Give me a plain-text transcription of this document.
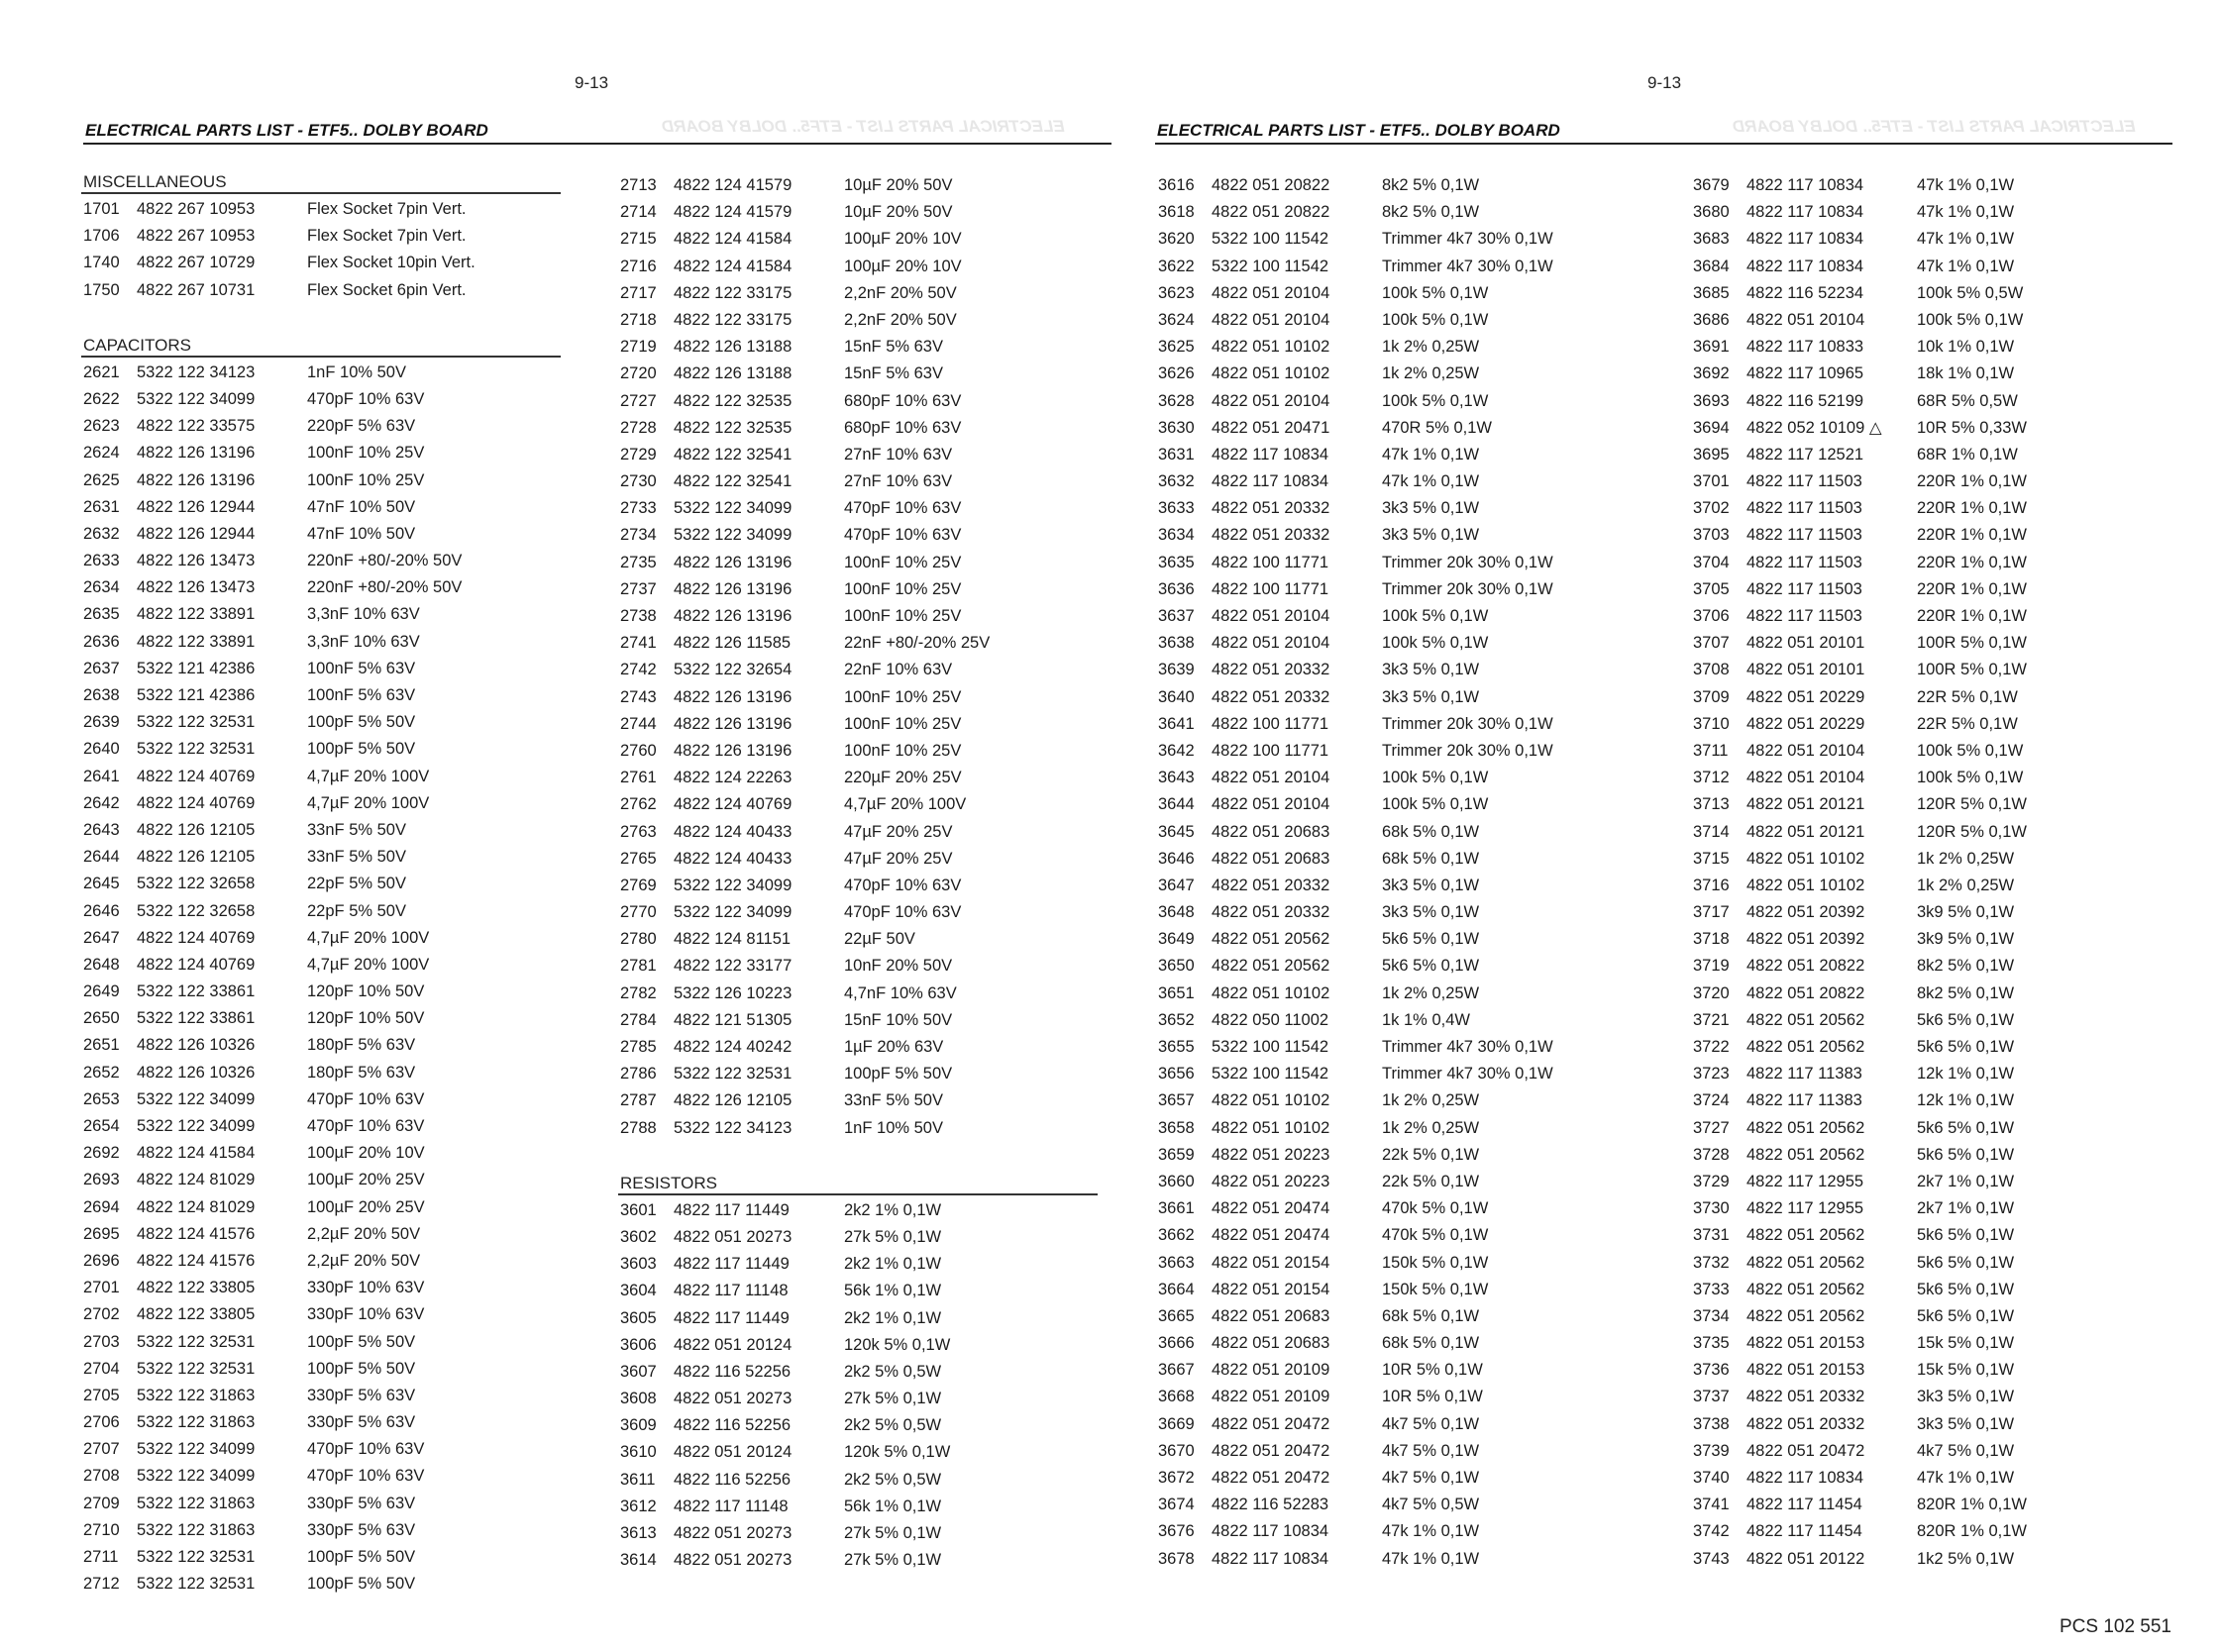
9-13
ELECTRICAL PARTS LIST - ETF5.. DOLBY BOARD	ELECTRICAL PARTS LIST - ETF5.. DOLBY BOARD
MISCELLANEOUS
1701 4822 267 10953	Flex Socket 7pin Vert.
1706 4822 267 10953	Flex Socket 7pin Vert.
1740 4822 267 10729	Flex Socket 10pin Vert.
1750 4822 267 10731	Flex Socket 6pin Vert.
CAPACITORS
2621 5322 122 34123	1nF 10% 50V
2622 5322 122 34099	470pF 10% 63V
2623 4822 122 33575	220pF 5% 63V
2624 4822 126 13196	100nF 10% 25V
2625 4822 126 13196	100nF 10% 25V
2631 4822 126 12944	47nF 10% 50V
2632 4822 126 12944	47nF 10% 50V
2633 4822 126 13473	220nF +80/-20% 50V
2634 4822 126 13473	220nF +80/-20% 50V
2635 4822 122 33891	3,3nF 10% 63V
2636 4822 122 33891	3,3nF 10% 63V
2637 5322 121 42386	100nF 5% 63V
2638 5322 121 42386	100nF 5% 63V
2639 5322 122 32531	100pF 5% 50V
2640 5322 122 32531	100pF 5% 50V
2641 4822 124 40769	4,7µF 20% 100V
2642 4822 124 40769	4,7µF 20% 100V
2643 4822 126 12105	33nF 5% 50V
2644 4822 126 12105	33nF 5% 50V
2645 5322 122 32658	22pF 5% 50V
2646 5322 122 32658	22pF 5% 50V
2647 4822 124 40769	4,7µF 20% 100V
2648 4822 124 40769	4,7µF 20% 100V
2649 5322 122 33861	120pF 10% 50V
2650 5322 122 33861	120pF 10% 50V
2651 4822 126 10326	180pF 5% 63V
2652 4822 126 10326	180pF 5% 63V
2653 5322 122 34099	470pF 10% 63V
2654 5322 122 34099	470pF 10% 63V
2692 4822 124 41584	100µF 20% 10V
2693 4822 124 81029	100µF 20% 25V
2694 4822 124 81029	100µF 20% 25V
2695 4822 124 41576	2,2µF 20% 50V
2696 4822 124 41576	2,2µF 20% 50V
2701 4822 122 33805	330pF 10% 63V
2702 4822 122 33805	330pF 10% 63V
2703 5322 122 32531	100pF 5% 50V
2704 5322 122 32531	100pF 5% 50V
2705 5322 122 31863	330pF 5% 63V
2706 5322 122 31863	330pF 5% 63V
2707 5322 122 34099	470pF 10% 63V
2708 5322 122 34099	470pF 10% 63V
2709 5322 122 31863	330pF 5% 63V
2710 5322 122 31863	330pF 5% 63V
2711 5322 122 32531	100pF 5% 50V
2712 5322 122 32531	100pF 5% 50V
2713 4822 124 41579	10µF 20% 50V
2714 4822 124 41579	10µF 20% 50V
2715 4822 124 41584	100µF 20% 10V
2716 4822 124 41584	100µF 20% 10V
2717 4822 122 33175	2,2nF 20% 50V
2718 4822 122 33175	2,2nF 20% 50V
2719 4822 126 13188	15nF 5% 63V
2720 4822 126 13188	15nF 5% 63V
2727 4822 122 32535	680pF 10% 63V
2728 4822 122 32535	680pF 10% 63V
2729 4822 122 32541	27nF 10% 63V
2730 4822 122 32541	27nF 10% 63V
2733 5322 122 34099	470pF 10% 63V
2734 5322 122 34099	470pF 10% 63V
2735 4822 126 13196	100nF 10% 25V
2737 4822 126 13196	100nF 10% 25V
2738 4822 126 13196	100nF 10% 25V
2741 4822 126 11585	22nF +80/-20% 25V
2742 5322 122 32654	22nF 10% 63V
2743 4822 126 13196	100nF 10% 25V
2744 4822 126 13196	100nF 10% 25V
2760 4822 126 13196	100nF 10% 25V
2761 4822 124 22263	220µF 20% 25V
2762 4822 124 40769	4,7µF 20% 100V
2763 4822 124 40433	47µF 20% 25V
2765 4822 124 40433	47µF 20% 25V
2769 5322 122 34099	470pF 10% 63V
2770 5322 122 34099	470pF 10% 63V
2780 4822 124 81151	22µF 50V
2781 4822 122 33177	10nF 20% 50V
2782 5322 126 10223	4,7nF 10% 63V
2784 4822 121 51305	15nF 10% 50V
2785 4822 124 40242	1µF 20% 63V
2786 5322 122 32531	100pF 5% 50V
2787 4822 126 12105	33nF 5% 50V
2788 5322 122 34123	1nF 10% 50V
RESISTORS
3601 4822 117 11449	2k2 1% 0,1W
3602 4822 051 20273	27k 5% 0,1W
3603 4822 117 11449	2k2 1% 0,1W
3604 4822 117 11148	56k 1% 0,1W
3605 4822 117 11449	2k2 1% 0,1W
3606 4822 051 20124	120k 5% 0,1W
3607 4822 116 52256	2k2 5% 0,5W
3608 4822 051 20273	27k 5% 0,1W
3609 4822 116 52256	2k2 5% 0,5W
3610 4822 051 20124	120k 5% 0,1W
3611 4822 116 52256	2k2 5% 0,5W
3612 4822 117 11148	56k 1% 0,1W
3613 4822 051 20273	27k 5% 0,1W
3614 4822 051 20273	27k 5% 0,1W
9-13
ELECTRICAL PARTS LIST - ETF5.. DOLBY BOARD	ELECTRICAL PARTS LIST - ETF5.. DOLBY BOARD
3616 4822 051 20822	8k2 5% 0,1W
3618 4822 051 20822	8k2 5% 0,1W
3620 5322 100 11542	Trimmer 4k7 30% 0,1W
3622 5322 100 11542	Trimmer 4k7 30% 0,1W
3623 4822 051 20104	100k 5% 0,1W
3624 4822 051 20104	100k 5% 0,1W
3625 4822 051 10102	1k 2% 0,25W
3626 4822 051 10102	1k 2% 0,25W
3628 4822 051 20104	100k 5% 0,1W
3630 4822 051 20471	470R 5% 0,1W
3631 4822 117 10834	47k 1% 0,1W
3632 4822 117 10834	47k 1% 0,1W
3633 4822 051 20332	3k3 5% 0,1W
3634 4822 051 20332	3k3 5% 0,1W
3635 4822 100 11771	Trimmer 20k 30% 0,1W
3636 4822 100 11771	Trimmer 20k 30% 0,1W
3637 4822 051 20104	100k 5% 0,1W
3638 4822 051 20104	100k 5% 0,1W
3639 4822 051 20332	3k3 5% 0,1W
3640 4822 051 20332	3k3 5% 0,1W
3641 4822 100 11771	Trimmer 20k 30% 0,1W
3642 4822 100 11771	Trimmer 20k 30% 0,1W
3643 4822 051 20104	100k 5% 0,1W
3644 4822 051 20104	100k 5% 0,1W
3645 4822 051 20683	68k 5% 0,1W
3646 4822 051 20683	68k 5% 0,1W
3647 4822 051 20332	3k3 5% 0,1W
3648 4822 051 20332	3k3 5% 0,1W
3649 4822 051 20562	5k6 5% 0,1W
3650 4822 051 20562	5k6 5% 0,1W
3651 4822 051 10102	1k 2% 0,25W
3652 4822 050 11002	1k 1% 0,4W
3655 5322 100 11542	Trimmer 4k7 30% 0,1W
3656 5322 100 11542	Trimmer 4k7 30% 0,1W
3657 4822 051 10102	1k 2% 0,25W
3658 4822 051 10102	1k 2% 0,25W
3659 4822 051 20223	22k 5% 0,1W
3660 4822 051 20223	22k 5% 0,1W
3661 4822 051 20474	470k 5% 0,1W
3662 4822 051 20474	470k 5% 0,1W
3663 4822 051 20154	150k 5% 0,1W
3664 4822 051 20154	150k 5% 0,1W
3665 4822 051 20683	68k 5% 0,1W
3666 4822 051 20683	68k 5% 0,1W
3667 4822 051 20109	10R 5% 0,1W
3668 4822 051 20109	10R 5% 0,1W
3669 4822 051 20472	4k7 5% 0,1W
3670 4822 051 20472	4k7 5% 0,1W
3672 4822 051 20472	4k7 5% 0,1W
3674 4822 116 52283	4k7 5% 0,5W
3676 4822 117 10834	47k 1% 0,1W
3678 4822 117 10834	47k 1% 0,1W
3679 4822 117 10834	47k 1% 0,1W
3680 4822 117 10834	47k 1% 0,1W
3683 4822 117 10834	47k 1% 0,1W
3684 4822 117 10834	47k 1% 0,1W
3685 4822 116 52234	100k 5% 0,5W
3686 4822 051 20104	100k 5% 0,1W
3691 4822 117 10833	10k 1% 0,1W
3692 4822 117 10965	18k 1% 0,1W
3693 4822 116 52199	68R 5% 0,5W
3694 4822 052 10109 △ 10R 5% 0,33W
3695 4822 117 12521	68R 1% 0,1W
3701 4822 117 11503	220R 1% 0,1W
3702 4822 117 11503	220R 1% 0,1W
3703 4822 117 11503	220R 1% 0,1W
3704 4822 117 11503	220R 1% 0,1W
3705 4822 117 11503	220R 1% 0,1W
3706 4822 117 11503	220R 1% 0,1W
3707 4822 051 20101	100R 5% 0,1W
3708 4822 051 20101	100R 5% 0,1W
3709 4822 051 20229	22R 5% 0,1W
3710 4822 051 20229	22R 5% 0,1W
3711 4822 051 20104	100k 5% 0,1W
3712 4822 051 20104	100k 5% 0,1W
3713 4822 051 20121	120R 5% 0,1W
3714 4822 051 20121	120R 5% 0,1W
3715 4822 051 10102	1k 2% 0,25W
3716 4822 051 10102	1k 2% 0,25W
3717 4822 051 20392	3k9 5% 0,1W
3718 4822 051 20392	3k9 5% 0,1W
3719 4822 051 20822	8k2 5% 0,1W
3720 4822 051 20822	8k2 5% 0,1W
3721 4822 051 20562	5k6 5% 0,1W
3722 4822 051 20562	5k6 5% 0,1W
3723 4822 117 11383	12k 1% 0,1W
3724 4822 117 11383	12k 1% 0,1W
3727 4822 051 20562	5k6 5% 0,1W
3728 4822 051 20562	5k6 5% 0,1W
3729 4822 117 12955	2k7 1% 0,1W
3730 4822 117 12955	2k7 1% 0,1W
3731 4822 051 20562	5k6 5% 0,1W
3732 4822 051 20562	5k6 5% 0,1W
3733 4822 051 20562	5k6 5% 0,1W
3734 4822 051 20562	5k6 5% 0,1W
3735 4822 051 20153	15k 5% 0,1W
3736 4822 051 20153	15k 5% 0,1W
3737 4822 051 20332	3k3 5% 0,1W
3738 4822 051 20332	3k3 5% 0,1W
3739 4822 051 20472	4k7 5% 0,1W
3740 4822 117 10834	47k 1% 0,1W
3741 4822 117 11454	820R 1% 0,1W
3742 4822 117 11454	820R 1% 0,1W
3743 4822 051 20122	1k2 5% 0,1W
PCS 102 551
